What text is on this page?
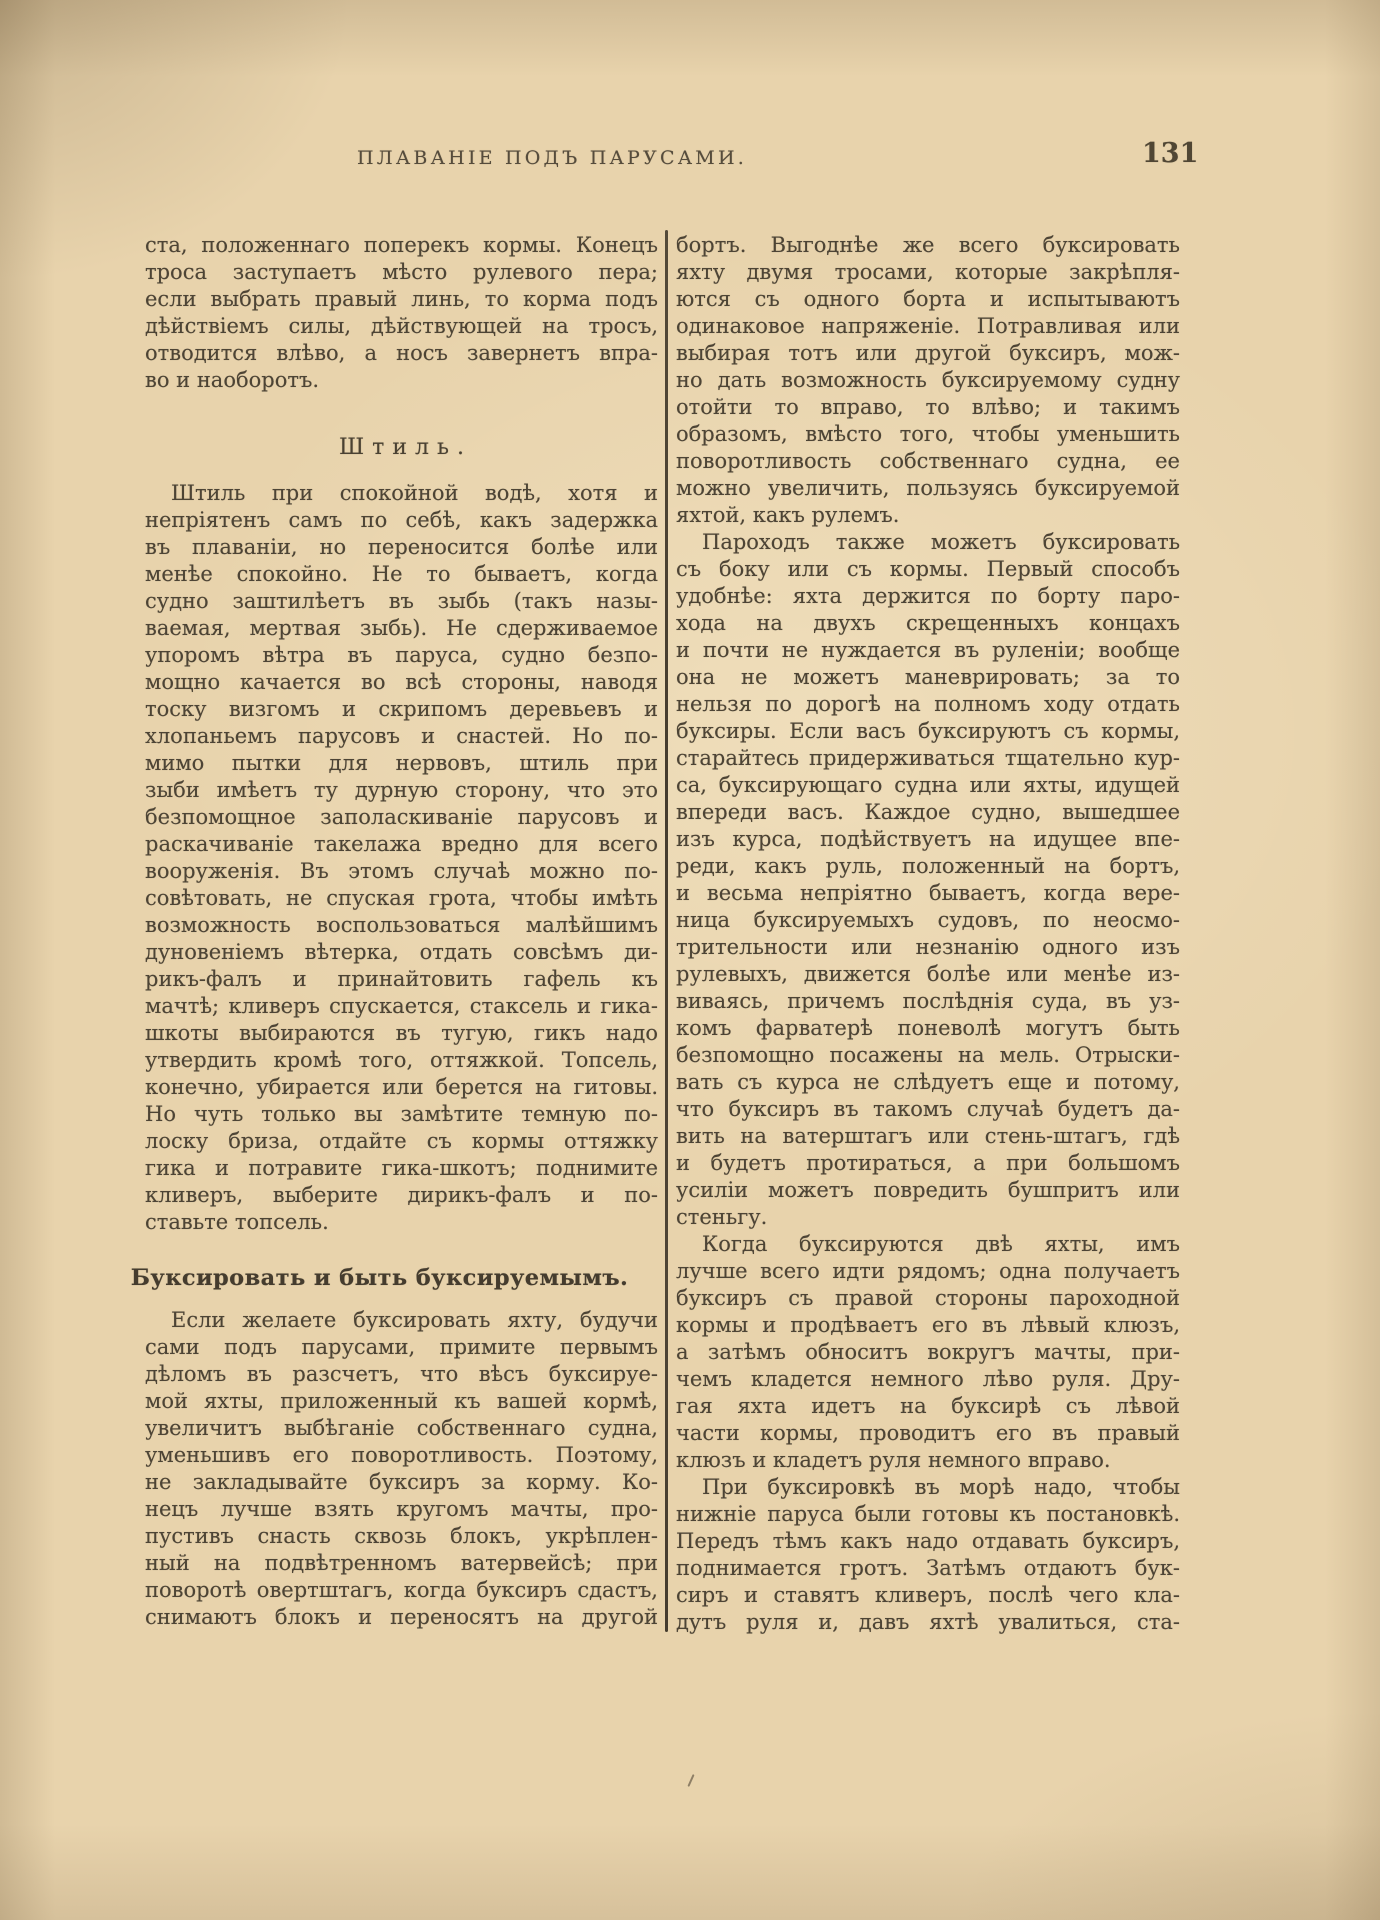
ПЛАВАНІЕ ПОДЪ ПАРУСАМИ.	131
ста, положеннаго поперекъ кормы. Конецъ
троса заступаетъ мѣсто рулевого пера;
если выбрать правый линь, то корма подъ
дѣйствіемъ силы, дѣйствующей на тросъ,
отводится влѣво, а носъ завернетъ впра-
во и наоборотъ.
Штиль.
Штиль при спокойной водѣ, хотя и
непріятенъ самъ по себѣ, какъ задержка
въ плаваніи, но переносится болѣе или
менѣе спокойно. Не то бываетъ, когда
судно заштилѣетъ въ зыбь (такъ назы-
ваемая, мертвая зыбь). Не сдерживаемое
упоромъ вѣтра въ паруса, судно безпо-
мощно качается во всѣ стороны, наводя
тоску визгомъ и скрипомъ деревьевъ и
хлопаньемъ парусовъ и снастей. Но по-
мимо пытки для нервовъ, штиль при
зыби имѣетъ ту дурную сторону, что это
безпомощное заполаскиваніе парусовъ и
раскачиваніе такелажа вредно для всего
вооруженія. Въ этомъ случаѣ можно по-
совѣтовать, не спуская грота, чтобы имѣть
возможность воспользоваться малѣйшимъ
дуновеніемъ вѣтерка, отдать совсѣмъ ди-
рикъ-фалъ и принайтовить гафель къ
мачтѣ; кливеръ спускается, стаксель и гика-
шкоты выбираются въ тугую, гикъ надо
утвердить кромѣ того, оттяжкой. Топсель,
конечно, убирается или берется на гитовы.
Но чуть только вы замѣтите темную по-
лоску бриза, отдайте съ кормы оттяжку
гика и потравите гика-шкотъ; поднимите
кливеръ, выберите дирикъ-фалъ и по-
ставьте топсель.
Буксировать и быть буксируемымъ.
Если желаете буксировать яхту, будучи
сами подъ парусами, примите первымъ
дѣломъ въ разсчетъ, что вѣсъ буксируе-
мой яхты, приложенный къ вашей кормѣ,
увеличитъ выбѣганіе собственнаго судна,
уменьшивъ его поворотливость. Поэтому,
не закладывайте буксиръ за корму. Ко-
нецъ лучше взять кругомъ мачты, про-
пустивъ снасть сквозь блокъ, укрѣплен-
ный на подвѣтренномъ ватервейсѣ; при
поворотѣ овертштагъ, когда буксиръ сдастъ,
снимаютъ блокъ и переносятъ на другой
бортъ. Выгоднѣе же всего буксировать
яхту двумя тросами, которые закрѣпля-
ются съ одного борта и испытываютъ
одинаковое напряженіе. Потравливая или
выбирая тотъ или другой буксиръ, мож-
но дать возможность буксируемому судну
отойти то вправо, то влѣво; и такимъ
образомъ, вмѣсто того, чтобы уменьшить
поворотливость собственнаго судна, ее
можно увеличить, пользуясь буксируемой
яхтой, какъ рулемъ.
Пароходъ также можетъ буксировать
съ боку или съ кормы. Первый способъ
удобнѣе: яхта держится по борту паро-
хода на двухъ скрещенныхъ концахъ
и почти не нуждается въ руленіи; вообще
она не можетъ маневрировать; за то
нельзя по дорогѣ на полномъ ходу отдать
буксиры. Если васъ буксируютъ съ кормы,
старайтесь придерживаться тщательно кур-
са, буксирующаго судна или яхты, идущей
впереди васъ. Каждое судно, вышедшее
изъ курса, подѣйствуетъ на идущее впе-
реди, какъ руль, положенный на бортъ,
и весьма непріятно бываетъ, когда вере-
ница буксируемыхъ судовъ, по неосмо-
трительности или незнанію одного изъ
рулевыхъ, движется болѣе или менѣе из-
виваясь, причемъ послѣднія суда, въ уз-
комъ фарватерѣ поневолѣ могутъ быть
безпомощно посажены на мель. Отрыски-
вать съ курса не слѣдуетъ еще и потому,
что буксиръ въ такомъ случаѣ будетъ да-
вить на ватерштагъ или стень-штагъ, гдѣ
и будетъ протираться, а при большомъ
усиліи можетъ повредить бушпритъ или
стеньгу.
Когда буксируются двѣ яхты, имъ
лучше всего идти рядомъ; одна получаетъ
буксиръ съ правой стороны пароходной
кормы и продѣваетъ его въ лѣвый клюзъ,
а затѣмъ обноситъ вокругъ мачты, при-
чемъ кладется немного лѣво руля. Дру-
гая яхта идетъ на буксирѣ съ лѣвой
части кормы, проводитъ его въ правый
клюзъ и кладетъ руля немного вправо.
При буксировкѣ въ морѣ надо, чтобы
нижніе паруса были готовы къ постановкѣ.
Передъ тѣмъ какъ надо отдавать буксиръ,
поднимается гротъ. Затѣмъ отдаютъ бук-
сиръ и ставятъ кливеръ, послѣ чего кла-
дутъ руля и, давъ яхтѣ увалиться, ста-
